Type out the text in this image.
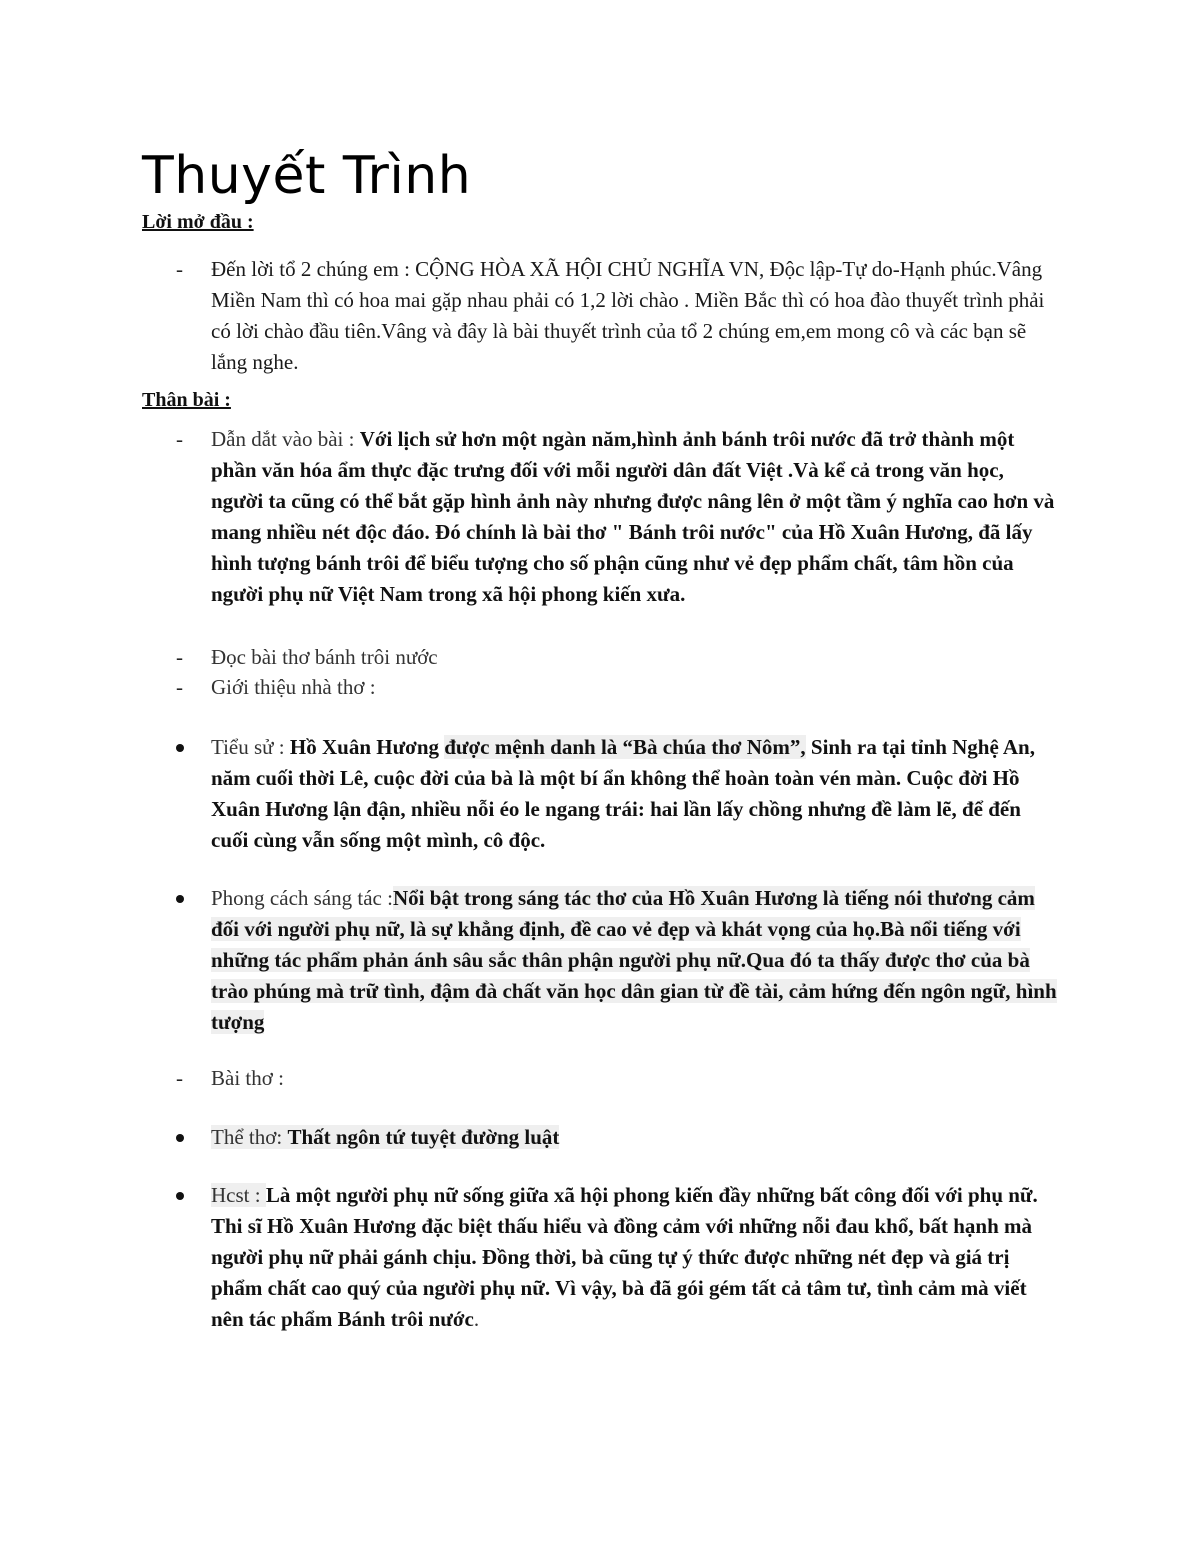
Thuyết Trình
Lời mở đầu :
-	Đến lời tổ 2 chúng em : CỘNG HÒA XÃ HỘI CHỦ NGHĨA VN, Độc lập-Tự do-Hạnh phúc.Vâng Miền Nam thì có hoa mai gặp nhau phải có 1,2 lời chào . Miền Bắc thì có hoa đào thuyết trình phải có lời chào đầu tiên.Vâng và đây là bài thuyết trình của tổ 2 chúng em,em mong cô và các bạn sẽ lắng nghe.
Thân bài :
-	Dẫn dắt vào bài : Với lịch sử hơn một ngàn năm,hình ảnh bánh trôi nước đã trở thành một phần văn hóa ẩm thực đặc trưng đối với mỗi người dân đất Việt .Và kể cả trong văn học, người ta cũng có thể bắt gặp hình ảnh này nhưng được nâng lên ở một tầm ý nghĩa cao hơn và mang nhiều nét độc đáo. Đó chính là bài thơ " Bánh trôi nước" của Hồ Xuân Hương, đã lấy hình tượng bánh trôi để biểu tượng cho số phận cũng như vẻ đẹp phẩm chất, tâm hồn của người phụ nữ Việt Nam trong xã hội phong kiến xưa.
-	Đọc bài thơ bánh trôi nước
-	Giới thiệu nhà thơ :
Tiểu sử : Hồ Xuân Hương được mệnh danh là “Bà chúa thơ Nôm”, Sinh ra tại tỉnh Nghệ An, năm cuối thời Lê, cuộc đời của bà là một bí ẩn không thể hoàn toàn vén màn. Cuộc đời Hồ Xuân Hương lận đận, nhiều nỗi éo le ngang trái: hai lần lấy chồng nhưng đề làm lẽ, để đến cuối cùng vẫn sống một mình, cô độc.
Phong cách sáng tác :Nổi bật trong sáng tác thơ của Hồ Xuân Hương là tiếng nói thương cảm đối với người phụ nữ, là sự khẳng định, đề cao vẻ đẹp và khát vọng của họ.Bà nổi tiếng với những tác phẩm phản ánh sâu sắc thân phận người phụ nữ.Qua đó ta thấy được thơ của bà trào phúng mà trữ tình, đậm đà chất văn học dân gian từ đề tài, cảm hứng đến ngôn ngữ, hình tượng
-	Bài thơ :
Thể thơ: Thất ngôn tứ tuyệt đường luật
Hcst : Là một người phụ nữ sống giữa xã hội phong kiến đầy những bất công đối với phụ nữ. Thi sĩ Hồ Xuân Hương đặc biệt thấu hiểu và đồng cảm với những nỗi đau khổ, bất hạnh mà người phụ nữ phải gánh chịu. Đồng thời, bà cũng tự ý thức được những nét đẹp và giá trị phẩm chất cao quý của người phụ nữ. Vì vậy, bà đã gói gém tất cả tâm tư, tình cảm mà viết nên tác phẩm Bánh trôi nước.
